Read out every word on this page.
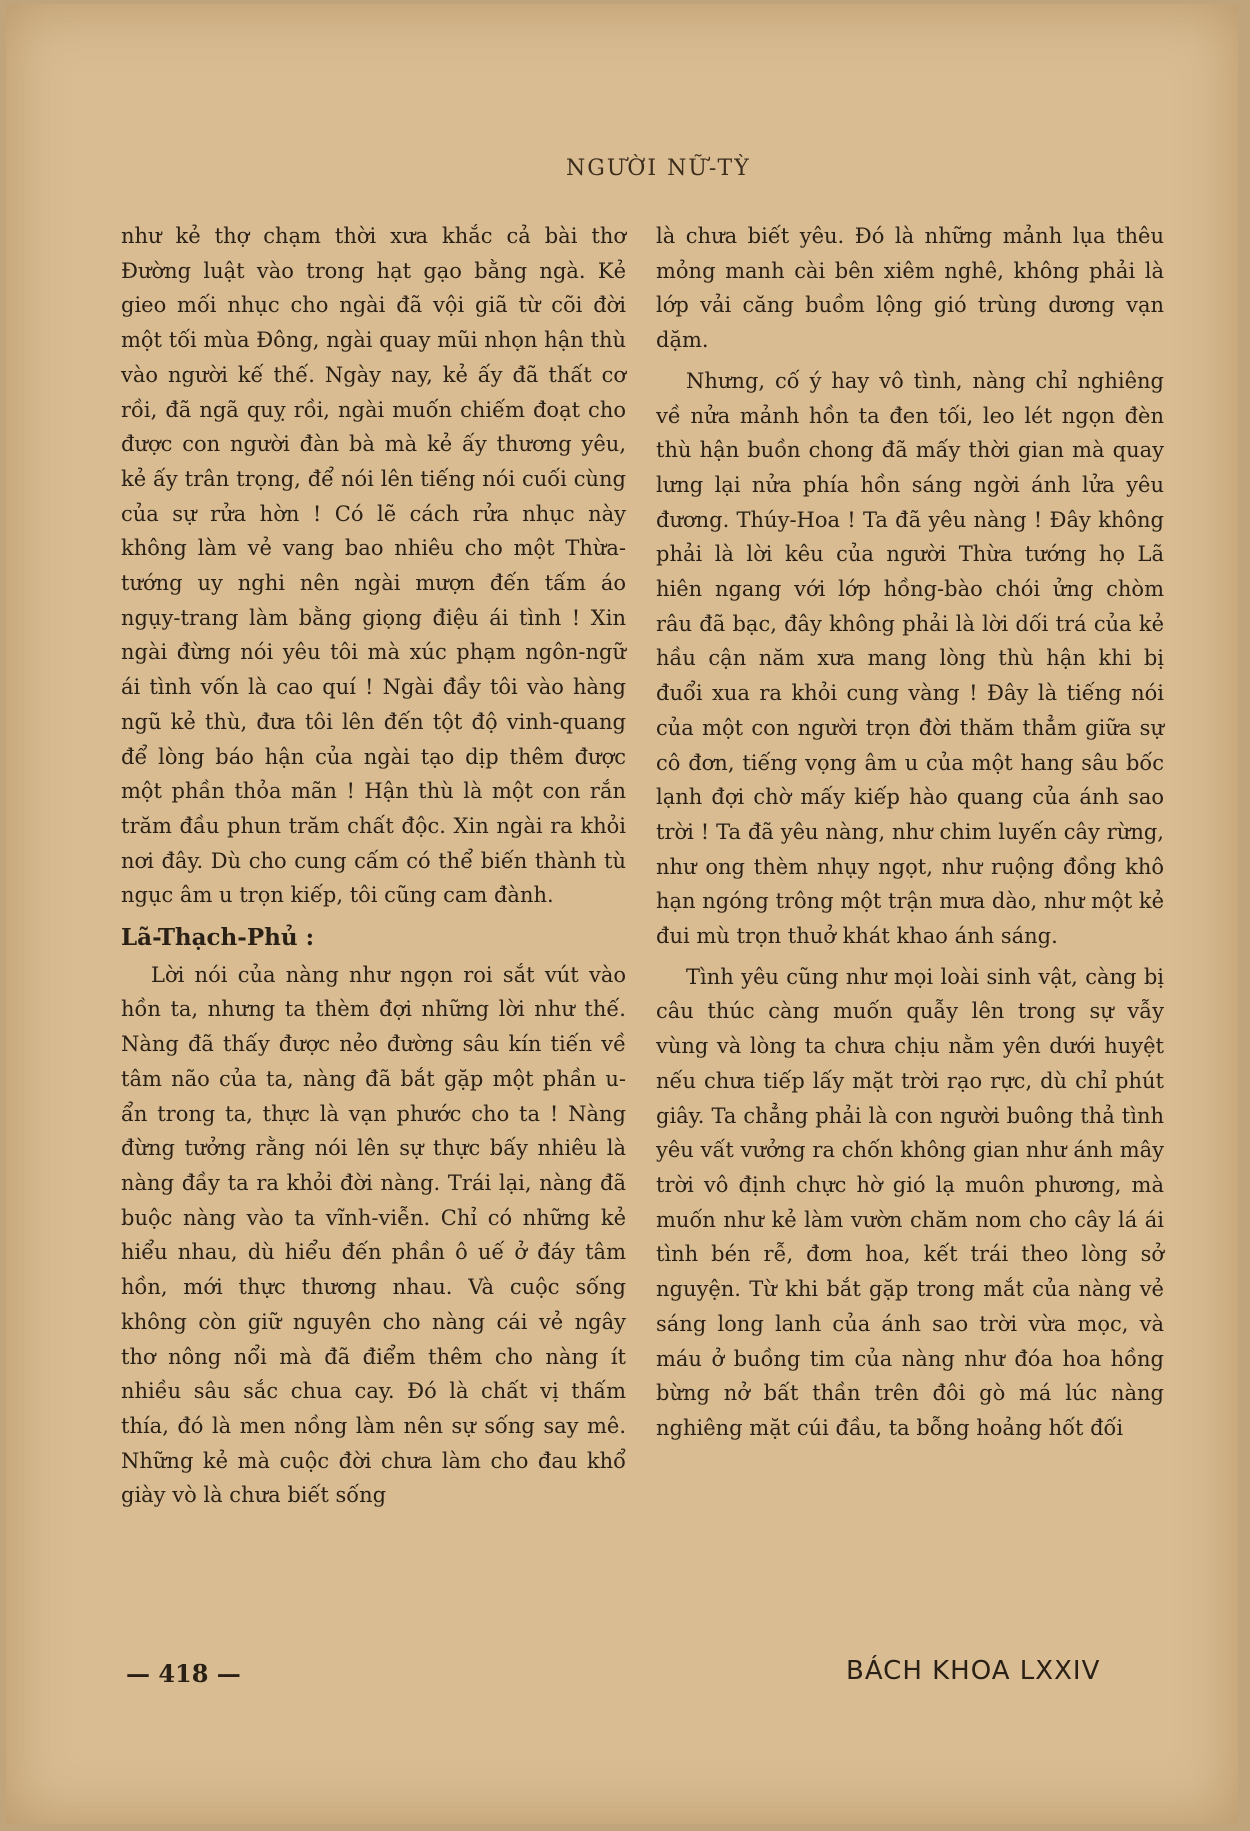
NGƯỜI NỮ-TỲ

như kẻ thợ chạm thời xưa khắc cả bài thơ Đường luật vào trong hạt gạo bằng ngà. Kẻ gieo mối nhục cho ngài đã vội giã từ cõi đời một tối mùa Đông, ngài quay mũi nhọn hận thù vào người kế thế. Ngày nay, kẻ ấy đã thất cơ rồi, đã ngã quỵ rồi, ngài muốn chiếm đoạt cho được con người đàn bà mà kẻ ấy thương yêu, kẻ ấy trân trọng, để nói lên tiếng nói cuối cùng của sự rửa hờn ! Có lẽ cách rửa nhục này không làm vẻ vang bao nhiêu cho một Thừa-tướng uy nghi nên ngài mượn đến tấm áo ngụy-trang làm bằng giọng điệu ái tình ! Xin ngài đừng nói yêu tôi mà xúc phạm ngôn-ngữ ái tình vốn là cao quí ! Ngài đầy tôi vào hàng ngũ kẻ thù, đưa tôi lên đến tột độ vinh-quang để lòng báo hận của ngài tạo dịp thêm được một phần thỏa mãn ! Hận thù là một con rắn trăm đầu phun trăm chất độc. Xin ngài ra khỏi nơi đây. Dù cho cung cấm có thể biến thành tù ngục âm u trọn kiếp, tôi cũng cam đành.

Lã-Thạch-Phủ :

Lời nói của nàng như ngọn roi sắt vút vào hồn ta, nhưng ta thèm đợi những lời như thế. Nàng đã thấy được nẻo đường sâu kín tiến về tâm não của ta, nàng đã bắt gặp một phần u-ẩn trong ta, thực là vạn phước cho ta ! Nàng đừng tưởng rằng nói lên sự thực bấy nhiêu là nàng đầy ta ra khỏi đời nàng. Trái lại, nàng đã buộc nàng vào ta vĩnh-viễn. Chỉ có những kẻ hiểu nhau, dù hiểu đến phần ô uế ở đáy tâm hồn, mới thực thương nhau. Và cuộc sống không còn giữ nguyên cho nàng cái vẻ ngây thơ nông nổi mà đã điểm thêm cho nàng ít nhiều sâu sắc chua cay. Đó là chất vị thấm thía, đó là men nồng làm nên sự sống say mê. Những kẻ mà cuộc đời chưa làm cho đau khổ giày vò là chưa biết sống

là chưa biết yêu. Đó là những mảnh lụa thêu mỏng manh cài bên xiêm nghê, không phải là lớp vải căng buồm lộng gió trùng dương vạn dặm.

Nhưng, cố ý hay vô tình, nàng chỉ nghiêng về nửa mảnh hồn ta đen tối, leo lét ngọn đèn thù hận buồn chong đã mấy thời gian mà quay lưng lại nửa phía hồn sáng ngời ánh lửa yêu đương. Thúy-Hoa ! Ta đã yêu nàng ! Đây không phải là lời kêu của người Thừa tướng họ Lã hiên ngang với lớp hồng-bào chói ửng chòm râu đã bạc, đây không phải là lời dối trá của kẻ hầu cận năm xưa mang lòng thù hận khi bị đuổi xua ra khỏi cung vàng ! Đây là tiếng nói của một con người trọn đời thăm thẳm giữa sự cô đơn, tiếng vọng âm u của một hang sâu bốc lạnh đợi chờ mấy kiếp hào quang của ánh sao trời ! Ta đã yêu nàng, như chim luyến cây rừng, như ong thèm nhụy ngọt, như ruộng đồng khô hạn ngóng trông một trận mưa dào, như một kẻ đui mù trọn thuở khát khao ánh sáng.

Tình yêu cũng như mọi loài sinh vật, càng bị câu thúc càng muốn quẫy lên trong sự vẫy vùng và lòng ta chưa chịu nằm yên dưới huyệt nếu chưa tiếp lấy mặt trời rạo rực, dù chỉ phút giây. Ta chẳng phải là con người buông thả tình yêu vất vưởng ra chốn không gian như ánh mây trời vô định chực hờ gió lạ muôn phương, mà muốn như kẻ làm vườn chăm nom cho cây lá ái tình bén rễ, đơm hoa, kết trái theo lòng sở nguyện. Từ khi bắt gặp trong mắt của nàng vẻ sáng long lanh của ánh sao trời vừa mọc, và máu ở buồng tim của nàng như đóa hoa hồng bừng nở bất thần trên đôi gò má lúc nàng nghiêng mặt cúi đầu, ta bỗng hoảng hốt đối

— 418 —	BÁCH KHOA LXXIV
